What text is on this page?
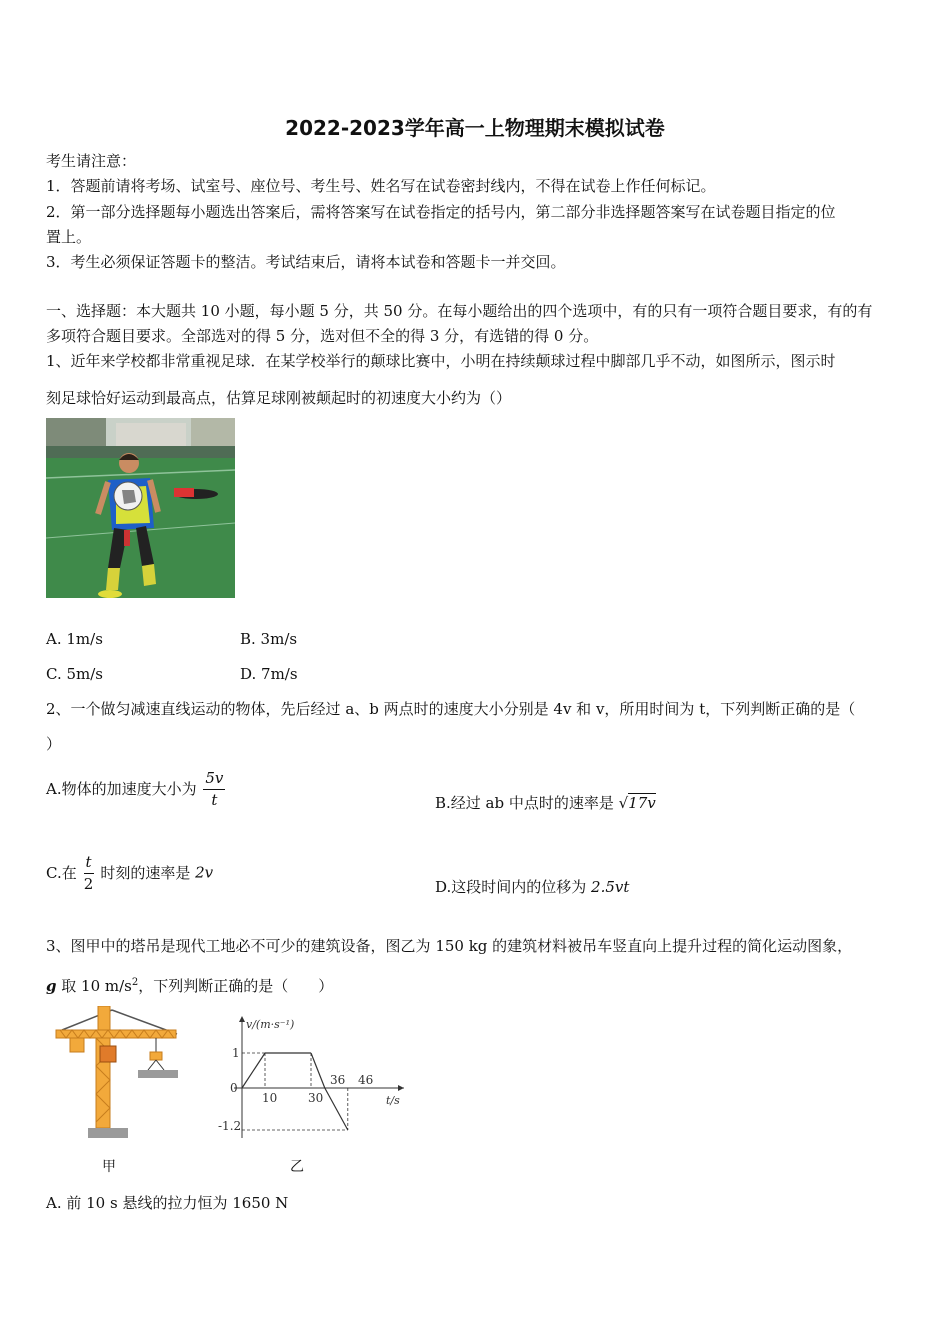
2022-2023学年高一上物理期末模拟试卷
考生请注意：
1．答题前请将考场、试室号、座位号、考生号、姓名写在试卷密封线内，不得在试卷上作任何标记。
2．第一部分选择题每小题选出答案后，需将答案写在试卷指定的括号内，第二部分非选择题答案写在试卷题目指定的位
置上。
3．考生必须保证答题卡的整洁。考试结束后，请将本试卷和答题卡一并交回。
一、选择题：本大题共 10 小题，每小题 5 分，共 50 分。在每小题给出的四个选项中，有的只有一项符合题目要求，有的有
多项符合题目要求。全部选对的得 5 分，选对但不全的得 3 分，有选错的得 0 分。
1、近年来学校都非常重视足球．在某学校举行的颠球比赛中，小明在持续颠球过程中脚部几乎不动，如图所示，图示时
刻足球恰好运动到最高点，估算足球刚被颠起时的初速度大小约为（）
A. 1m/s	B. 3m/s
C. 5m/s	D. 7m/s
2、一个做匀减速直线运动的物体，先后经过 a、b 两点时的速度大小分别是 4v 和 v，所用时间为 t，下列判断正确的是（
）
A.物体的加速度大小为 $\frac{5v}{t}$	B.经过 ab 中点时的速率是 √17v
C.在 $\frac{t}{2}$ 时刻的速率是 2v
D.这段时间内的位移为 2.5vt
3、图甲中的塔吊是现代工地必不可少的建筑设备，图乙为 150 kg 的建筑材料被吊车竖直向上提升过程的简化运动图象，
g 取 10 $m/s^2$，下列判断正确的是（　　）
甲
v/(m·s⁻¹)
t/s
1
0
-1.2
10	30
36 46
乙
A. 前 10 s 悬线的拉力恒为 1650 N
